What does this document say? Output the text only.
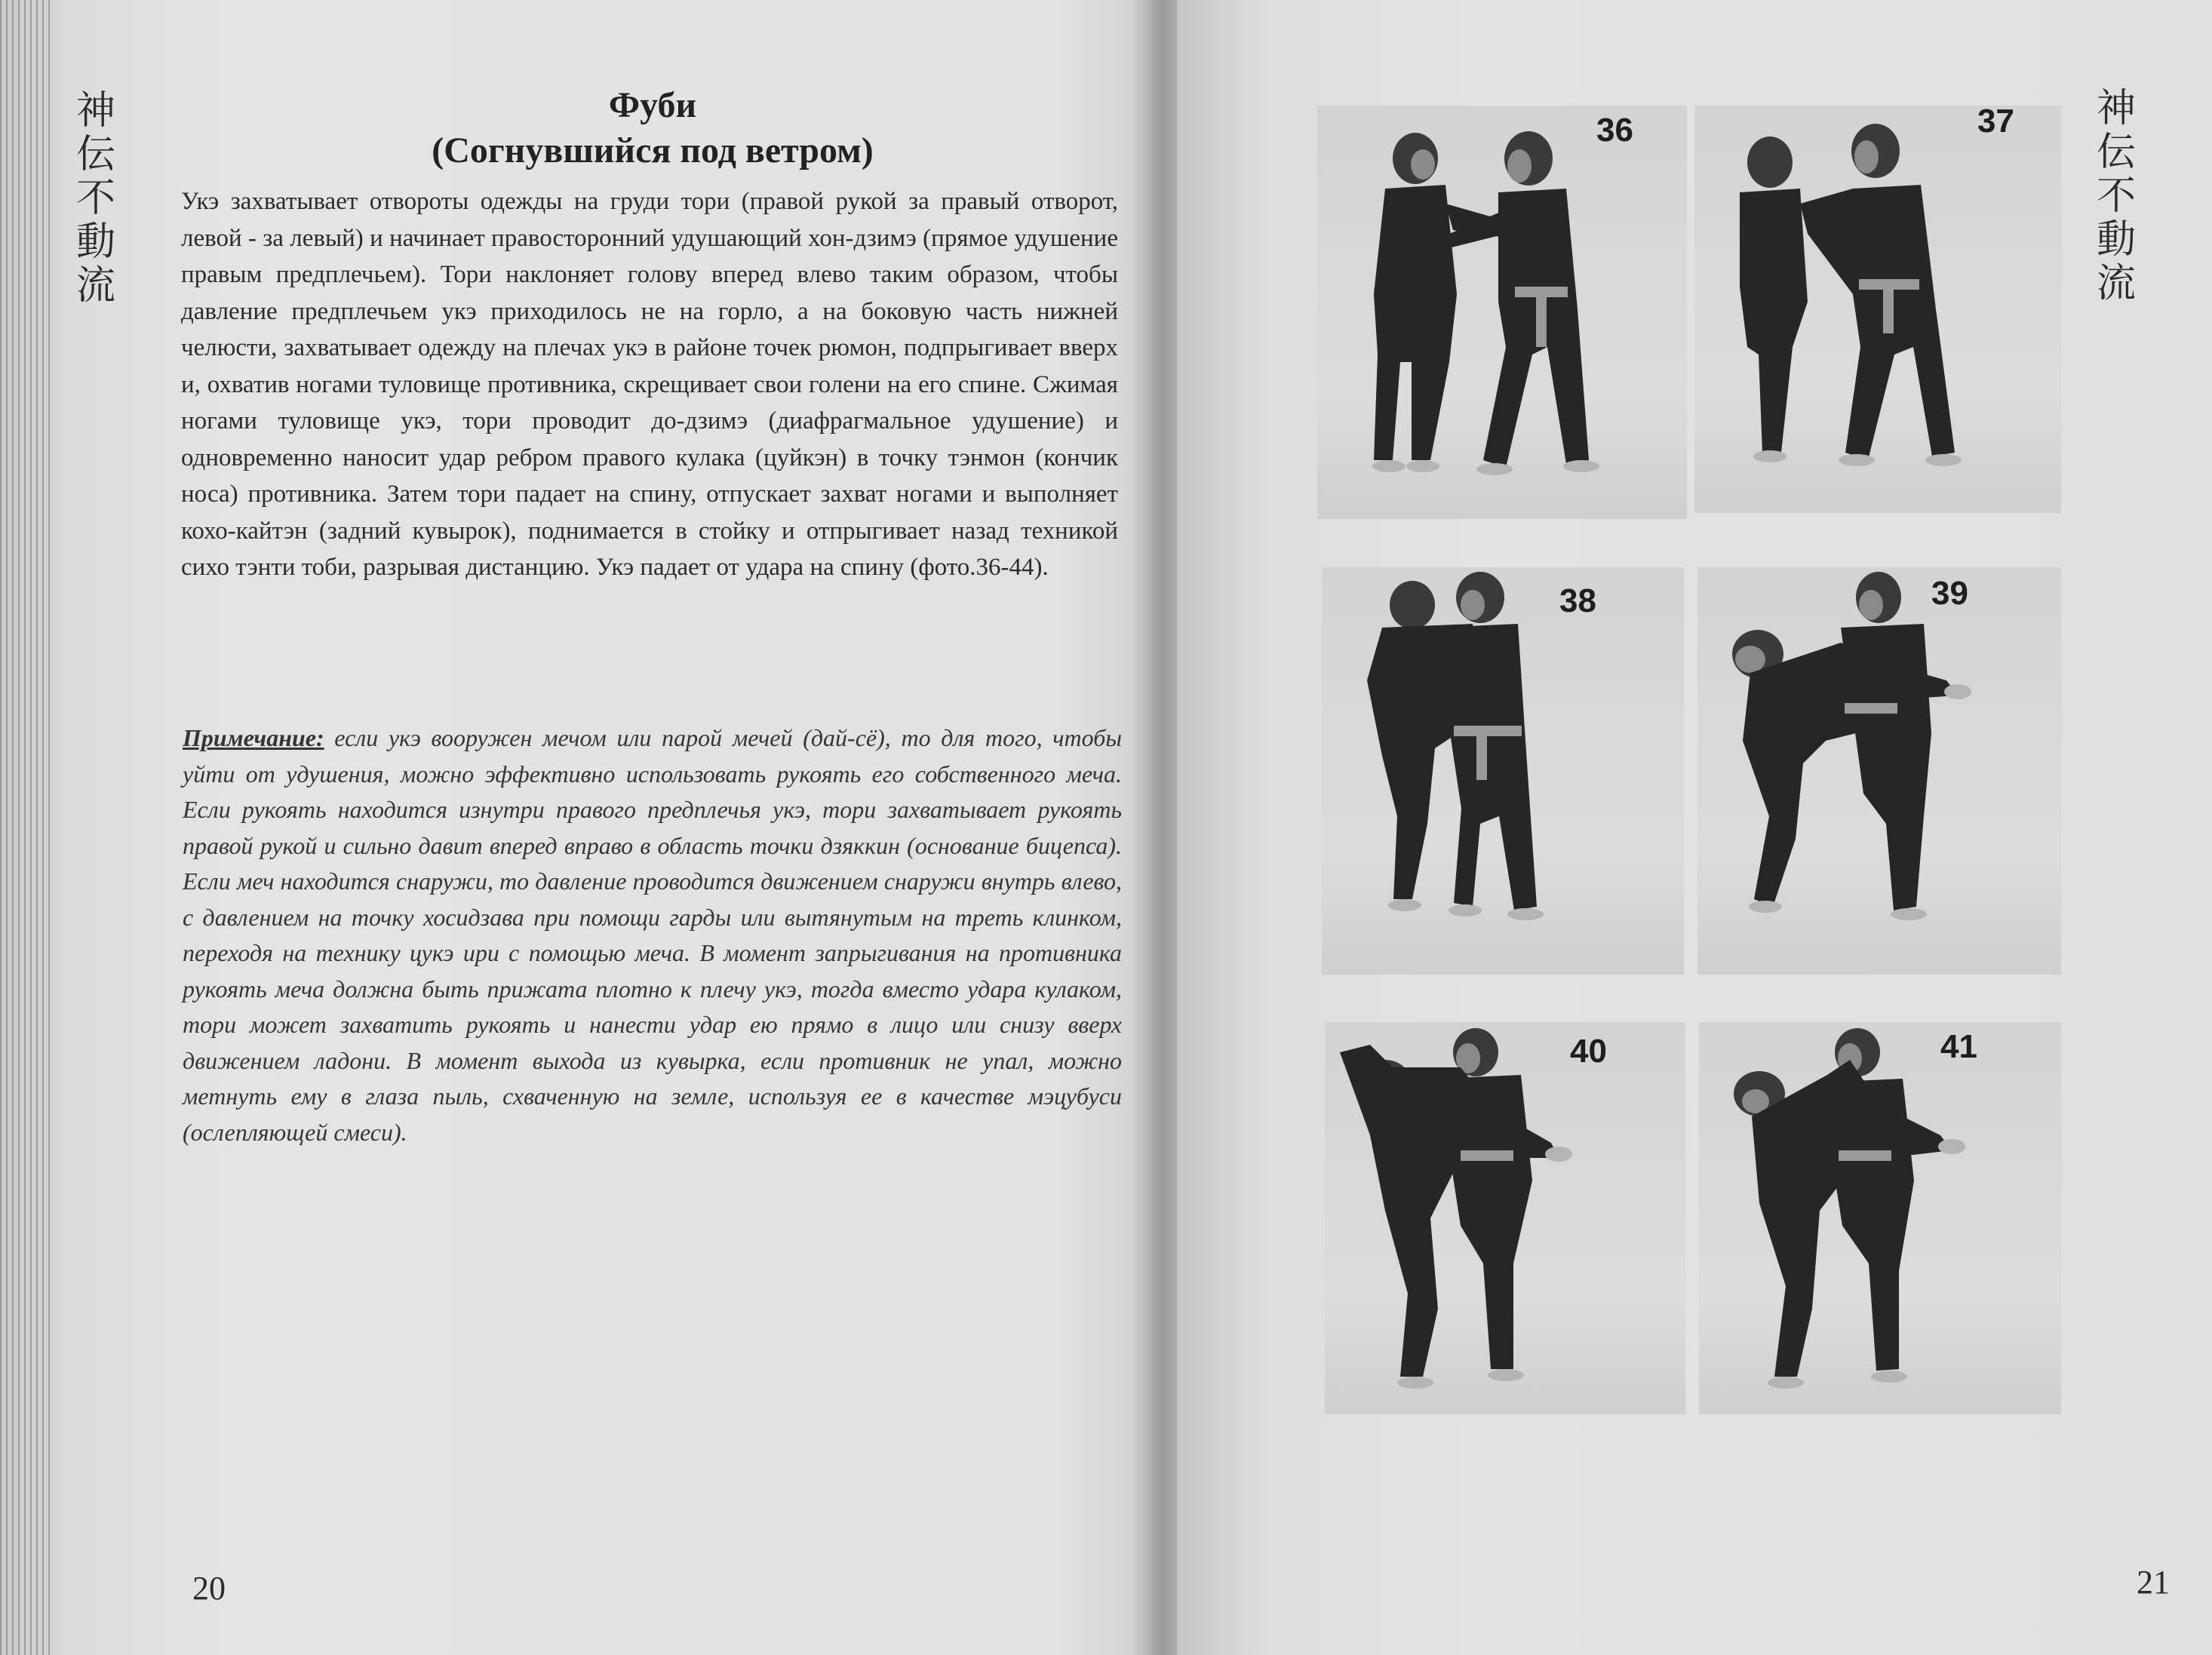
神
伝
不
動
流
Фуби
(Согнувшийся под ветром)
Укэ захватывает отвороты одежды на груди тори (правой рукой за правый отворот, левой - за левый) и начинает правосторонний удушающий хон-дзимэ (прямое удушение правым предплечьем). Тори наклоняет голову вперед влево таким образом, чтобы давление предплечьем укэ приходилось не на горло, а на боковую часть нижней челюсти, захватывает одежду на плечах укэ в районе точек рюмон, подпрыгивает вверх и, охватив ногами туловище противника, скрещивает свои голени на его спине. Сжимая ногами туловище укэ, тори проводит до-дзимэ (диафрагмальное удушение) и одновременно наносит удар ребром правого кулака (цуйкэн) в точку тэнмон (кончик носа) противника. Затем тори падает на спину, отпускает захват ногами и выполняет кохо-кайтэн (задний кувырок), поднимается в стойку и отпрыгивает назад техникой сихо тэнти тоби, разрывая дистанцию. Укэ падает от удара на спину (фото.36-44).
Примечание: если укэ вооружен мечом или парой мечей (дай-сё), то для того, чтобы уйти от удушения, можно эффективно использовать рукоять его собственного меча. Если рукоять находится изнутри правого предплечья укэ, тори захватывает рукоять правой рукой и сильно давит вперед вправо в область точки дзяккин (основание бицепса). Если меч находится снаружи, то давление проводится движением снаружи внутрь влево, с давлением на точку хосидзава при помощи гарды или вытянутым на треть клинком, переходя на технику цукэ ири с помощью меча. В момент запрыгивания на противника рукоять меча должна быть прижата плотно к плечу укэ, тогда вместо удара кулаком, тори может захватить рукоять и нанести удар ею прямо в лицо или снизу вверх движением ладони. В момент выхода из кувырка, если противник не упал, можно метнуть ему в глаза пыль, схваченную на земле, используя ее в качестве мэцубуси (ослепляющей смеси).
20
神
伝
不
動
流
36	37
38	39
40	41
21
